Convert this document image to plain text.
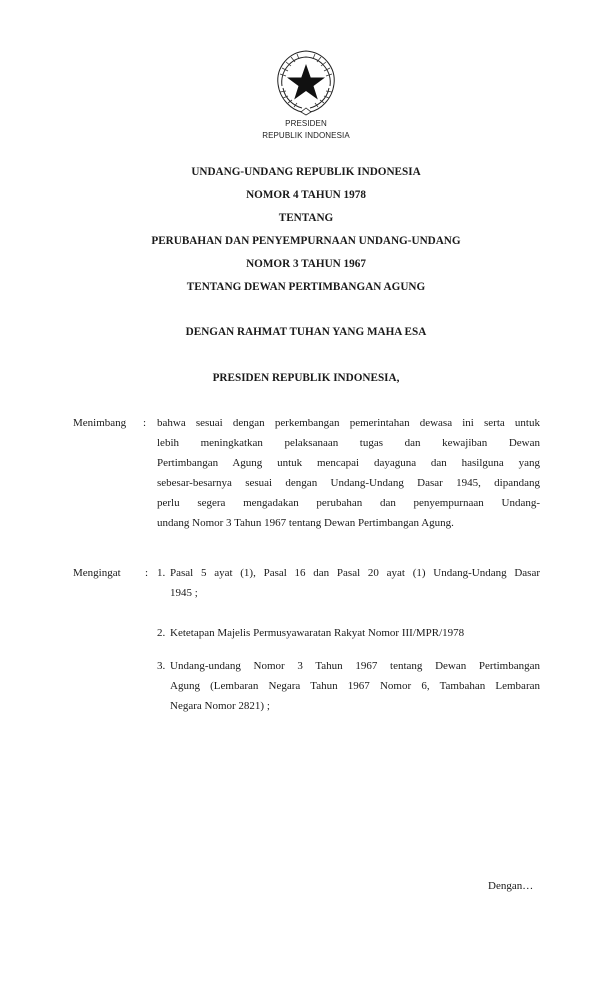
PRESIDEN
REPUBLIK INDONESIA
UNDANG-UNDANG REPUBLIK INDONESIA
NOMOR 4 TAHUN 1978
TENTANG
PERUBAHAN DAN PENYEMPURNAAN UNDANG-UNDANG
NOMOR 3 TAHUN 1967
TENTANG DEWAN PERTIMBANGAN AGUNG
DENGAN RAHMAT TUHAN YANG MAHA ESA
PRESIDEN REPUBLIK INDONESIA,
Menimbang : bahwa sesuai dengan perkembangan pemerintahan dewasa ini serta untuk
lebih meningkatkan pelaksanaan tugas dan kewajiban Dewan
Pertimbangan Agung untuk mencapai dayaguna dan hasilguna yang
sebesar-besarnya sesuai dengan Undang-Undang Dasar 1945, dipandang
perlu segera mengadakan perubahan dan penyempurnaan Undang-
undang Nomor 3 Tahun 1967 tentang Dewan Pertimbangan Agung.
Mengingat : 1. Pasal 5 ayat (1), Pasal 16 dan Pasal 20 ayat (1) Undang-Undang Dasar
1945 ;
2. Ketetapan Majelis Permusyawaratan Rakyat Nomor III/MPR/1978
3. Undang-undang Nomor 3 Tahun 1967 tentang Dewan Pertimbangan
Agung (Lembaran Negara Tahun 1967 Nomor 6, Tambahan Lembaran
Negara Nomor 2821) ;
Dengan…
